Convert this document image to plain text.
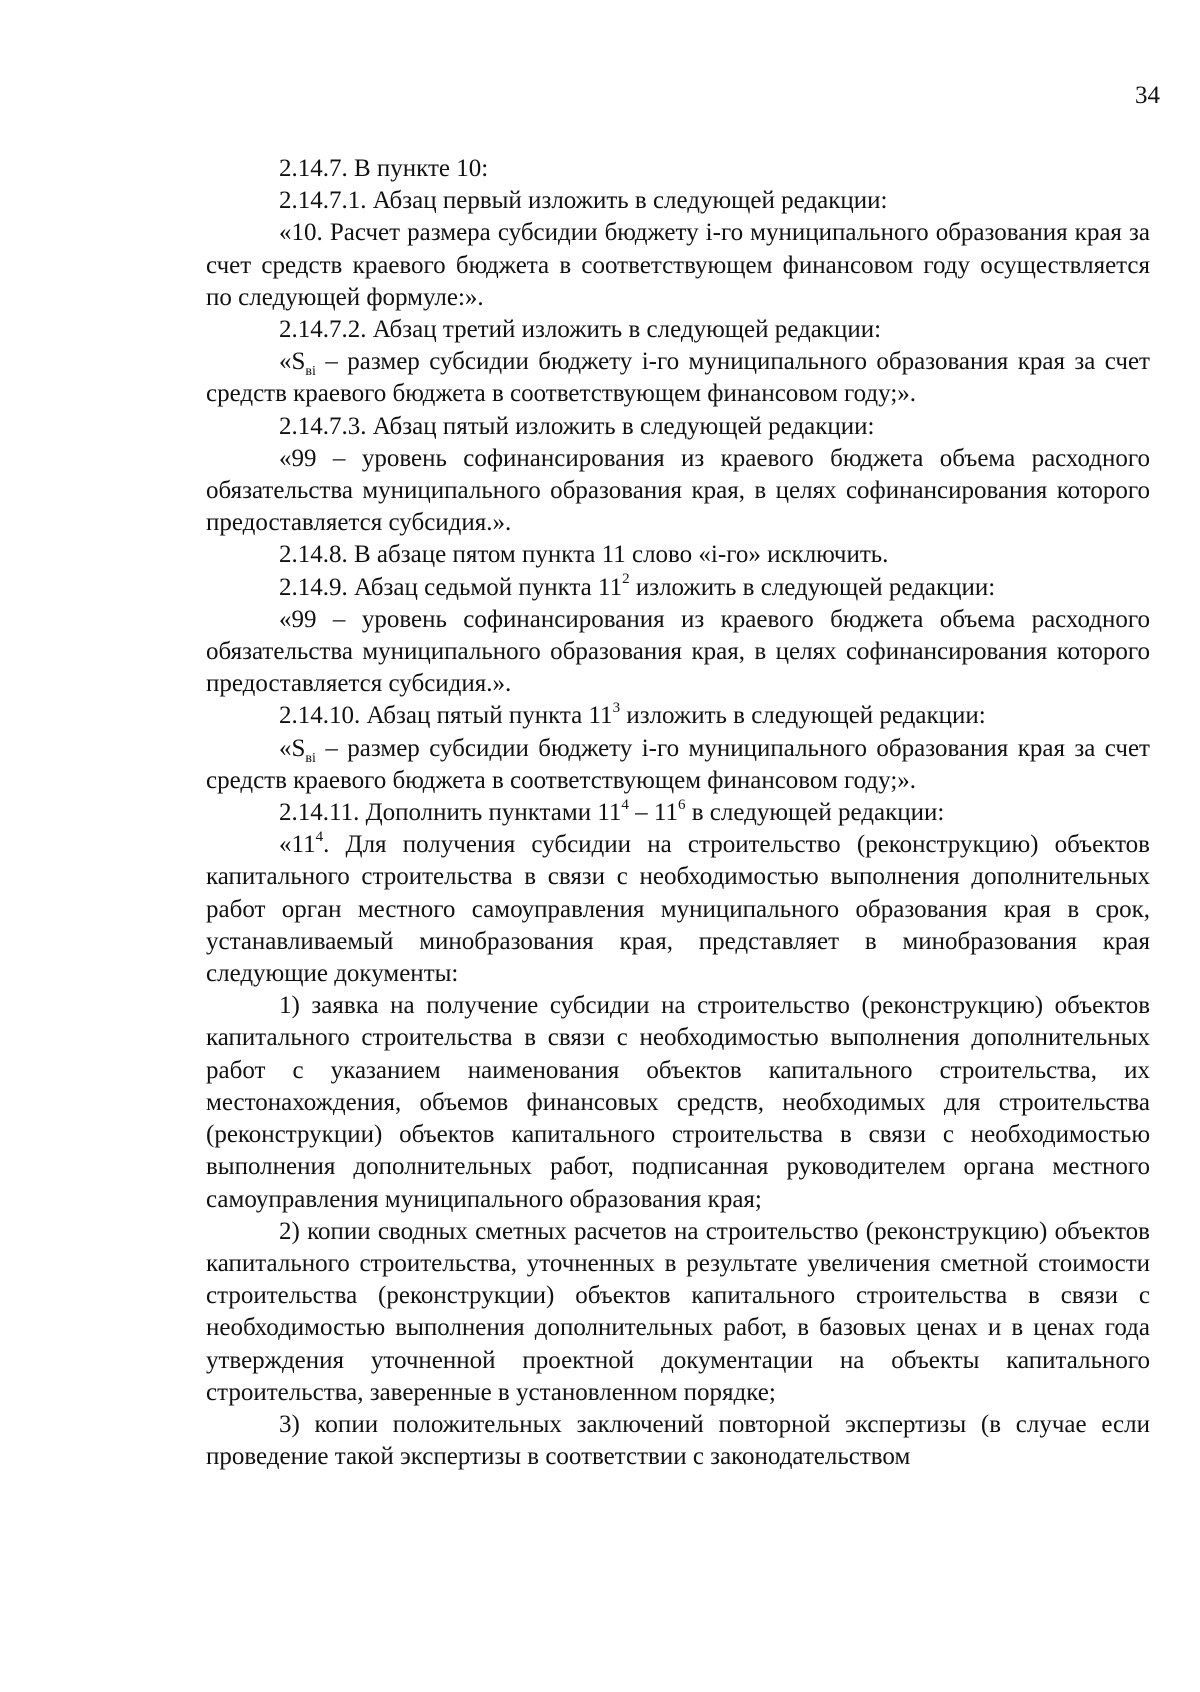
34

2.14.7. В пункте 10:

2.14.7.1. Абзац первый изложить в следующей редакции:

«10. Расчет размера субсидии бюджету i-го муниципального образования края за счет средств краевого бюджета в соответствующем финансовом году осуществляется по следующей формуле:».

2.14.7.2. Абзац третий изложить в следующей редакции:

«$S_{вi}$ – размер субсидии бюджету i-го муниципального образования края за счет средств краевого бюджета в соответствующем финансовом году;».

2.14.7.3. Абзац пятый изложить в следующей редакции:

«99 – уровень софинансирования из краевого бюджета объема расходного обязательства муниципального образования края, в целях софинансирования которого предоставляется субсидия.».

2.14.8. В абзаце пятом пункта 11 слово «i-го» исключить.

2.14.9. Абзац седьмой пункта $11^2$ изложить в следующей редакции:

«99 – уровень софинансирования из краевого бюджета объема расходного обязательства муниципального образования края, в целях софинансирования которого предоставляется субсидия.».

2.14.10. Абзац пятый пункта $11^3$ изложить в следующей редакции:

«$S_{вi}$ – размер субсидии бюджету i-го муниципального образования края за счет средств краевого бюджета в соответствующем финансовом году;».

2.14.11. Дополнить пунктами $11^4 - 11^6$ в следующей редакции:

«$11^4$. Для получения субсидии на строительство (реконструкцию) объектов капитального строительства в связи с необходимостью выполнения дополнительных работ орган местного самоуправления муниципального образования края в срок, устанавливаемый минобразования края, представляет в минобразования края следующие документы:

1) заявка на получение субсидии на строительство (реконструкцию) объектов капитального строительства в связи с необходимостью выполнения дополнительных работ с указанием наименования объектов капитального строительства, их местонахождения, объемов финансовых средств, необходимых для строительства (реконструкции) объектов капитального строительства в связи с необходимостью выполнения дополнительных работ, подписанная руководителем органа местного самоуправления муниципального образования края;

2) копии сводных сметных расчетов на строительство (реконструкцию) объектов капитального строительства, уточненных в результате увеличения сметной стоимости строительства (реконструкции) объектов капитального строительства в связи с необходимостью выполнения дополнительных работ, в базовых ценах и в ценах года утверждения уточненной проектной документации на объекты капитального строительства, заверенные в установленном порядке;

3) копии положительных заключений повторной экспертизы (в случае если проведение такой экспертизы в соответствии с законодательством
